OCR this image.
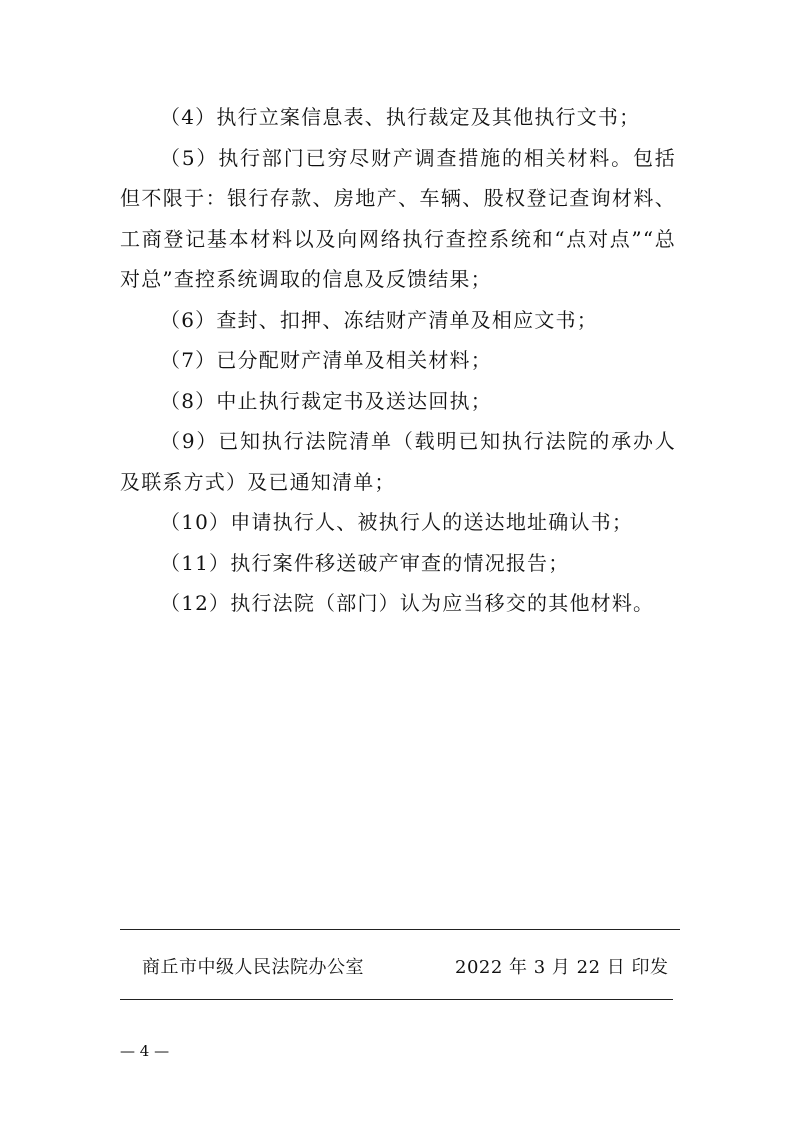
（4）执行立案信息表、执行裁定及其他执行文书；

（5）执行部门已穷尽财产调查措施的相关材料。包括但不限于：银行存款、房地产、车辆、股权登记查询材料、工商登记基本材料以及向网络执行查控系统和“点对点”“总对总”查控系统调取的信息及反馈结果；

（6）查封、扣押、冻结财产清单及相应文书；

（7）已分配财产清单及相关材料；

（8）中止执行裁定书及送达回执；

（9）已知执行法院清单（载明已知执行法院的承办人及联系方式）及已通知清单；

（10）申请执行人、被执行人的送达地址确认书；

（11）执行案件移送破产审查的情况报告；

（12）执行法院（部门）认为应当移交的其他材料。

商丘市中级人民法院办公室	2022 年 3 月 22 日 印发
— 4 —
